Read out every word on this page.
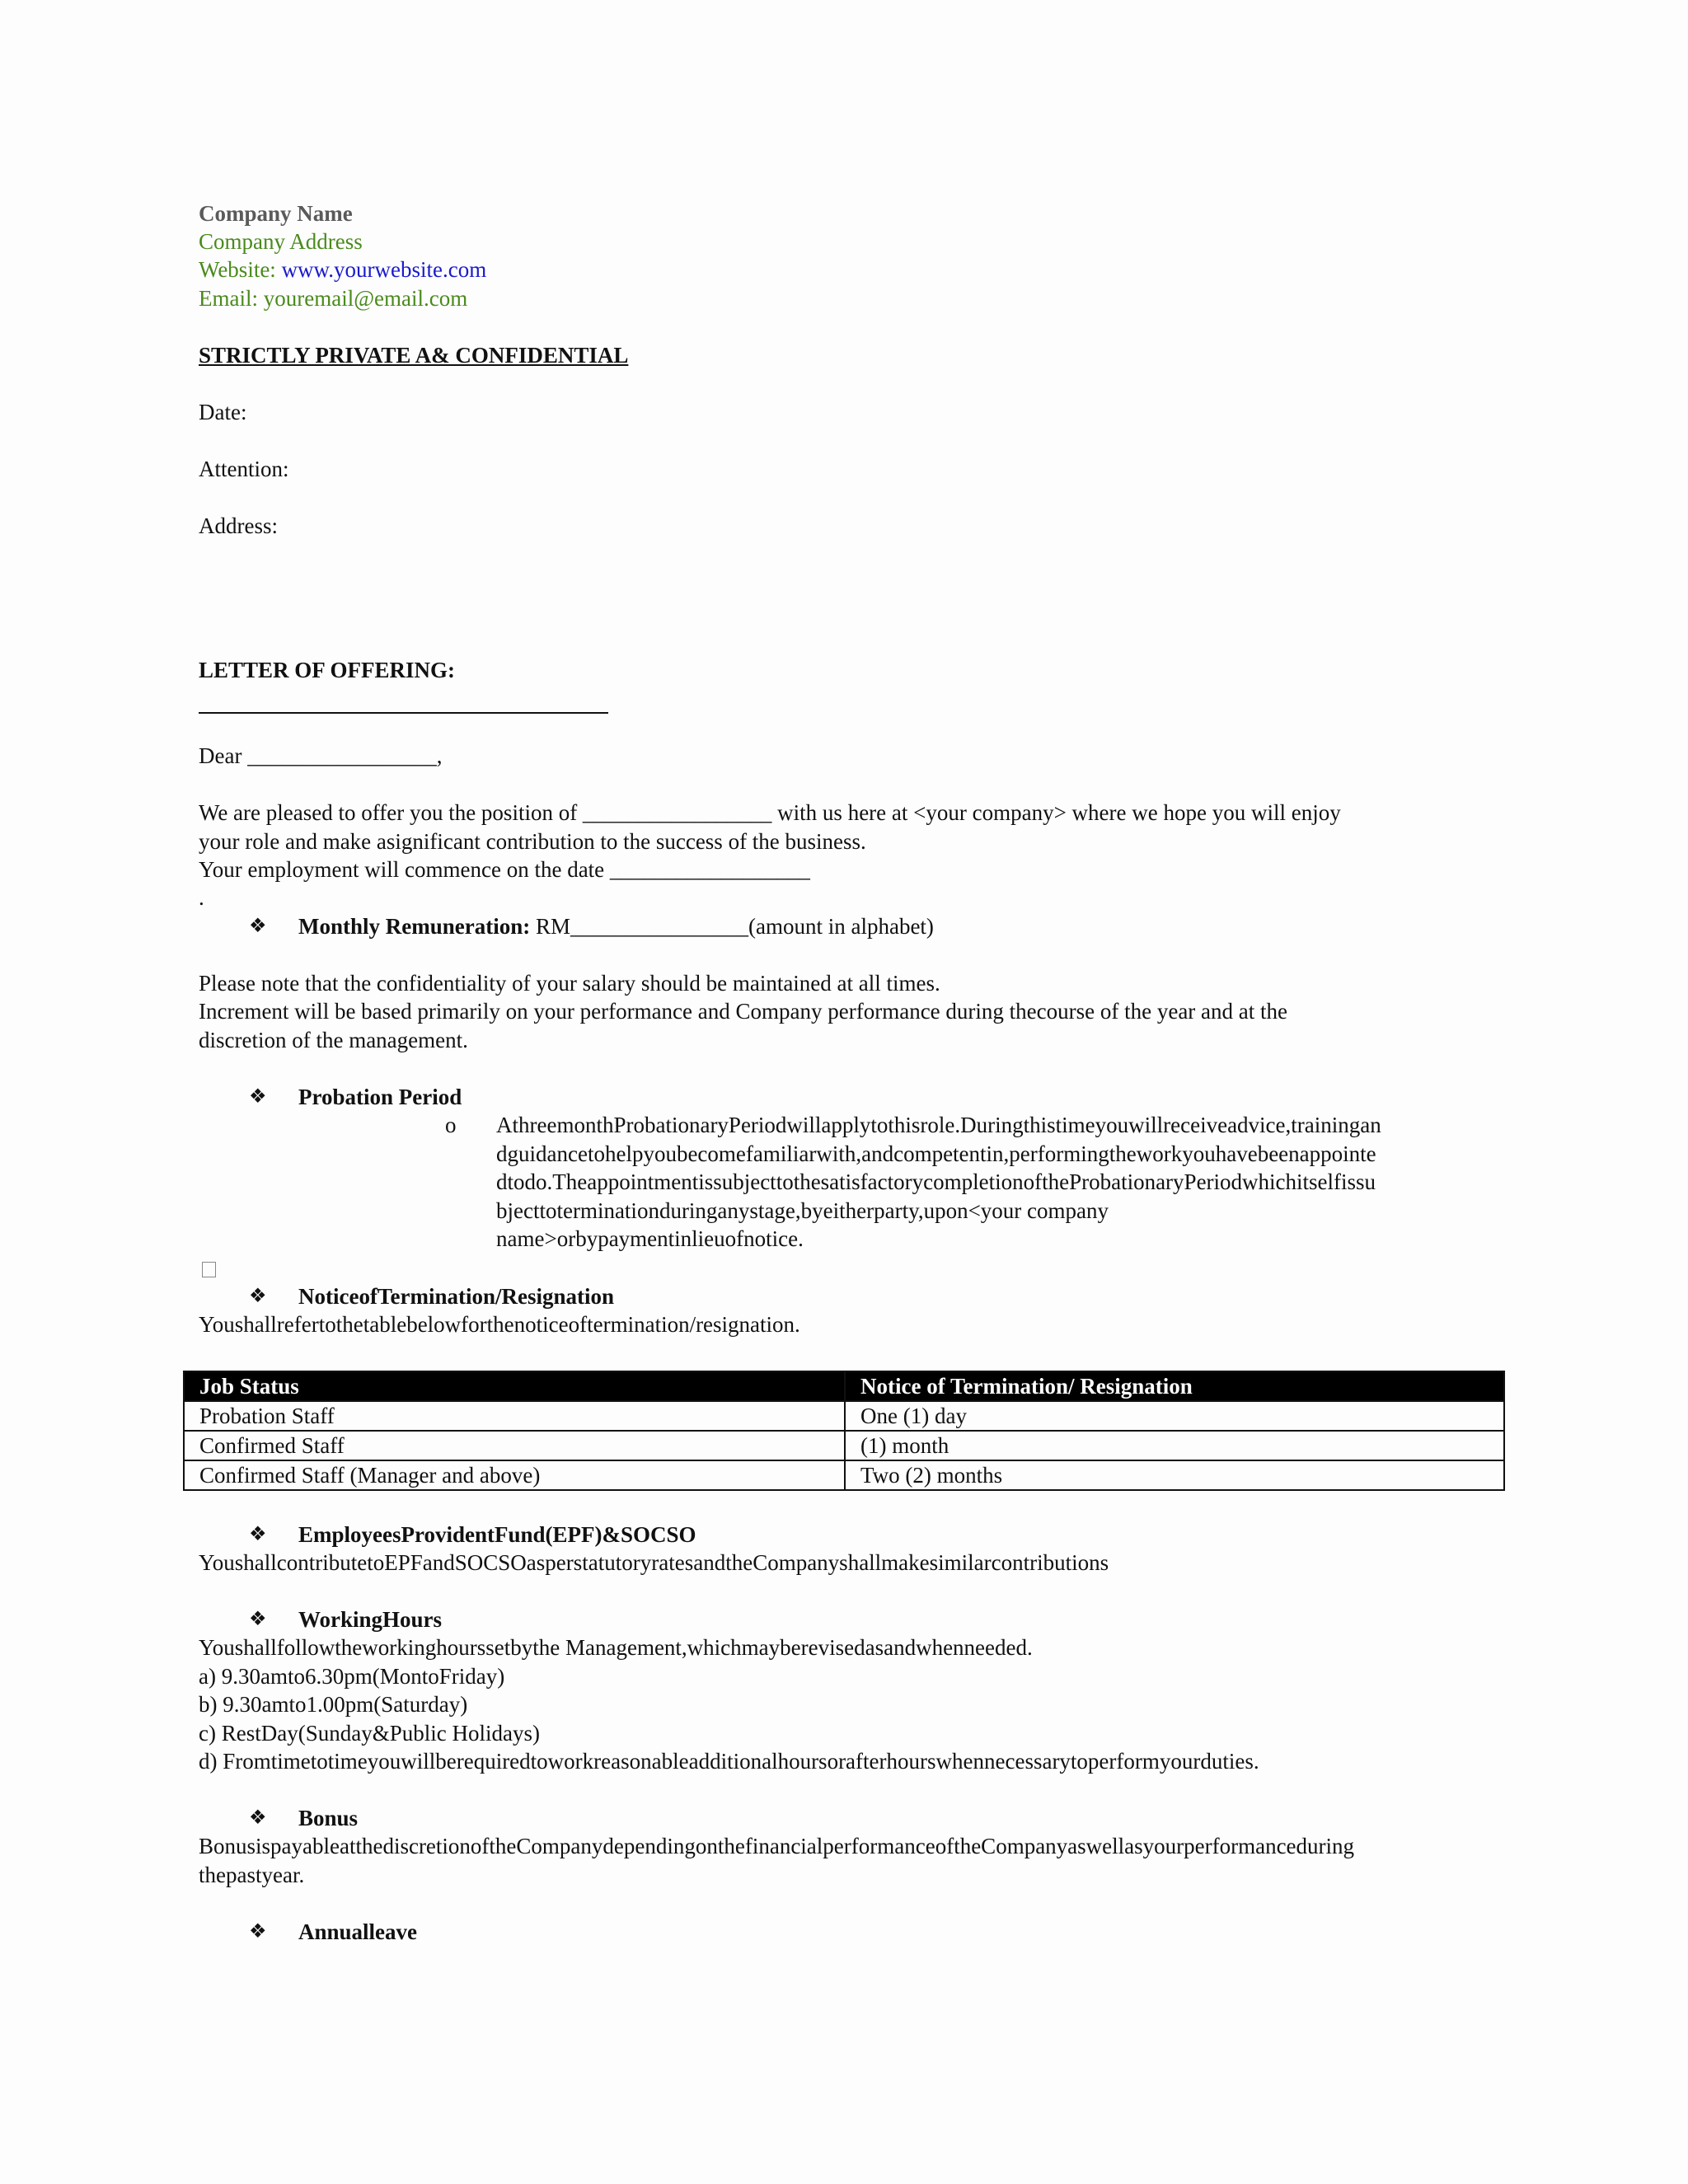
Company Name
Company Address
Website: www.yourwebsite.com
Email: youremail@email.com
STRICTLY PRIVATE A& CONFIDENTIAL
Date:
Attention:
Address:
LETTER OF OFFERING:
Dear _________________,
We are pleased to offer you the position of _________________ with us here at <your company> where we hope you will enjoy
your role and make asignificant contribution to the success of the business.
Your employment will commence on the date __________________
.
❖ Monthly Remuneration: RM________________(amount in alphabet)
Please note that the confidentiality of your salary should be maintained at all times.
Increment will be based primarily on your performance and Company performance during thecourse of the year and at the
discretion of the management.
❖ Probation Period
o AthreemonthProbationaryPeriodwillapplytothisrole.Duringthistimeyouwillreceiveadvice,trainingan
dguidancetohelpyoubecomefamiliarwith,andcompetentin,performingtheworkyouhavebeenappointe
dtodo.TheappointmentissubjecttothesatisfactorycompletionoftheProbationaryPeriodwhichitselfissu
bjecttoterminationduringanystage,byeitherparty,upon<your company
name>orbypaymentinlieuofnotice.
❖ NoticeofTermination/Resignation
Youshallrefertothetablebelowforthenoticeoftermination/resignation.
Job Status	Notice of Termination/ Resignation
Probation Staff	One (1) day
Confirmed Staff	(1) month
Confirmed Staff (Manager and above)	Two (2) months
❖ EmployeesProvidentFund(EPF)&SOCSO
YoushallcontributetoEPFandSOCSOasperstatutoryratesandtheCompanyshallmakesimilarcontributions
❖ WorkingHours
Youshallfollowtheworkinghourssetbythe Management,whichmayberevisedasandwhenneeded.
a) 9.30amto6.30pm(MontoFriday)
b) 9.30amto1.00pm(Saturday)
c) RestDay(Sunday&Public Holidays)
d) Fromtimetotimeyouwillberequiredtoworkreasonableadditionalhoursorafterhourswhennecessarytoperformyourduties.
❖ Bonus
BonusispayableatthediscretionoftheCompanydependingonthefinancialperformanceoftheCompanyaswellasyourperformanceduring
thepastyear.
❖ Annualleave
